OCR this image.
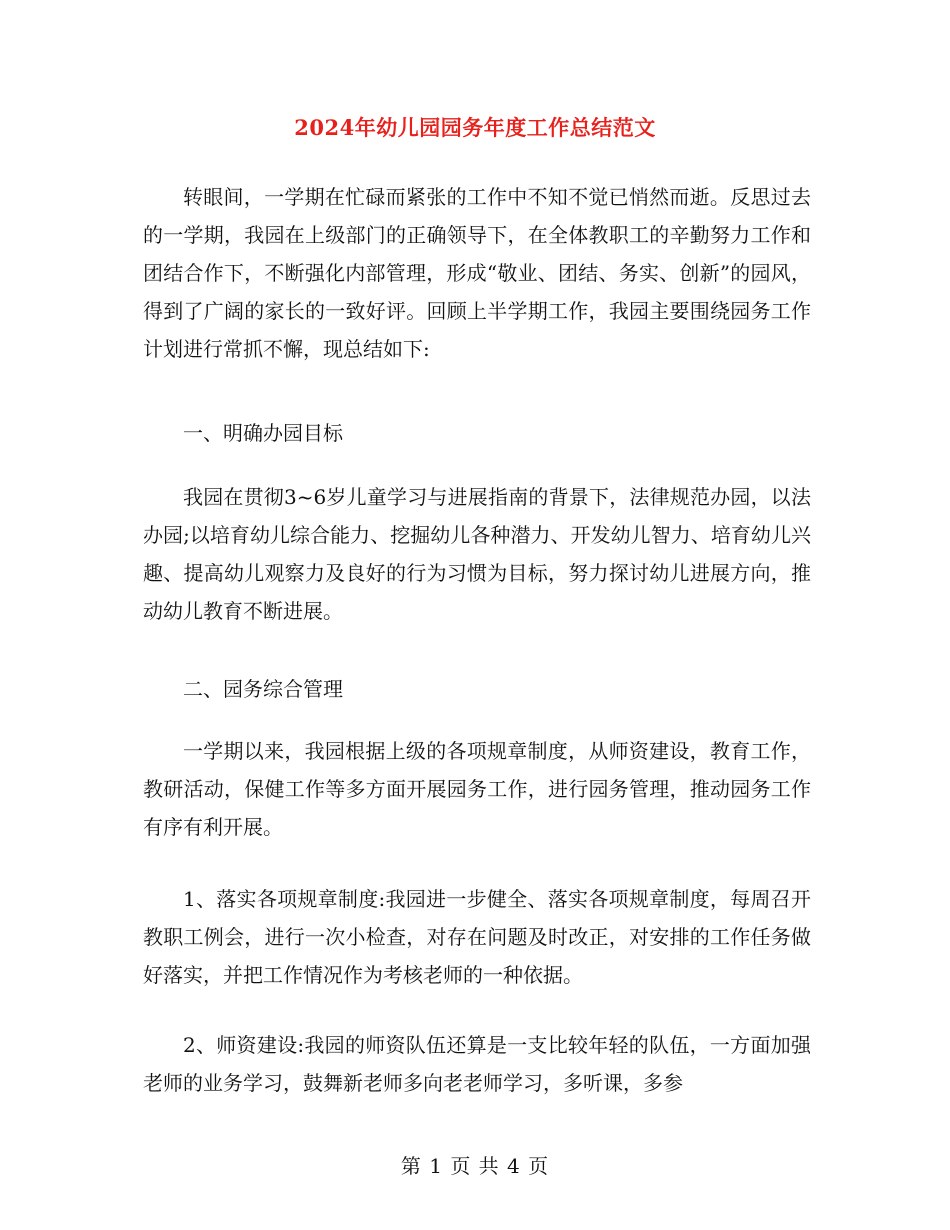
2024年幼儿园园务年度工作总结范文

转眼间，一学期在忙碌而紧张的工作中不知不觉已悄然而逝。反思过去的一学期，我园在上级部门的正确领导下，在全体教职工的辛勤努力工作和团结合作下，不断强化内部管理，形成“敬业、团结、务实、创新”的园风，得到了广阔的家长的一致好评。回顾上半学期工作，我园主要围绕园务工作计划进行常抓不懈，现总结如下:

一、明确办园目标

我园在贯彻3~6岁儿童学习与进展指南的背景下，法律规范办园，以法办园;以培育幼儿综合能力、挖掘幼儿各种潜力、开发幼儿智力、培育幼儿兴趣、提高幼儿观察力及良好的行为习惯为目标，努力探讨幼儿进展方向，推动幼儿教育不断进展。

二、园务综合管理

一学期以来，我园根据上级的各项规章制度，从师资建设，教育工作，教研活动，保健工作等多方面开展园务工作，进行园务管理，推动园务工作有序有利开展。

1、落实各项规章制度:我园进一步健全、落实各项规章制度，每周召开教职工例会，进行一次小检查，对存在问题及时改正，对安排的工作任务做好落实，并把工作情况作为考核老师的一种依据。

2、师资建设:我园的师资队伍还算是一支比较年轻的队伍，一方面加强老师的业务学习，鼓舞新老师多向老老师学习，多听课，多参

第 1 页 共 4 页
